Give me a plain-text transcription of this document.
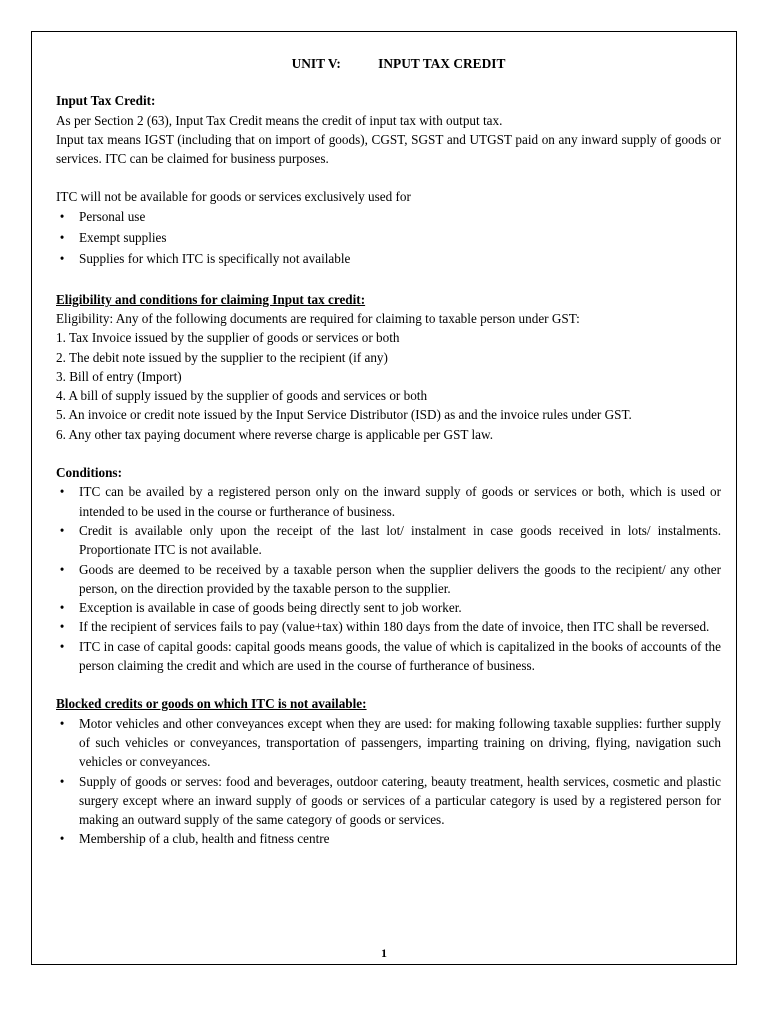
UNIT V:	INPUT TAX CREDIT
Input Tax Credit:

As per Section 2 (63), Input Tax Credit means the credit of input tax with output tax.

Input tax means IGST (including that on import of goods), CGST, SGST and UTGST paid on any inward supply of goods or services. ITC can be claimed for business purposes.

ITC will not be available for goods or services exclusively used for

• Personal use
• Exempt supplies
• Supplies for which ITC is specifically not available
Eligibility and conditions for claiming Input tax credit:

Eligibility: Any of the following documents are required for claiming to taxable person under GST:

1. Tax Invoice issued by the supplier of goods or services or both
2. The debit note issued by the supplier to the recipient (if any)
3. Bill of entry (Import)
4. A bill of supply issued by the supplier of goods and services or both
5. An invoice or credit note issued by the Input Service Distributor (ISD) as and the invoice rules under GST.
6. Any other tax paying document where reverse charge is applicable per GST law.
Conditions:
• ITC can be availed by a registered person only on the inward supply of goods or services or both, which is used or intended to be used in the course or furtherance of business.
• Credit is available only upon the receipt of the last lot/ instalment in case goods received in lots/ instalments. Proportionate ITC is not available.
• Goods are deemed to be received by a taxable person when the supplier delivers the goods to the recipient/ any other person, on the direction provided by the taxable person to the supplier.
• Exception is available in case of goods being directly sent to job worker.
• If the recipient of services fails to pay (value+tax) within 180 days from the date of invoice, then ITC shall be reversed.
• ITC in case of capital goods: capital goods means goods, the value of which is capitalized in the books of accounts of the person claiming the credit and which are used in the course of furtherance of business.
Blocked credits or goods on which ITC is not available:
• Motor vehicles and other conveyances except when they are used: for making following taxable supplies: further supply of such vehicles or conveyances, transportation of passengers, imparting training on driving, flying, navigation such vehicles or conveyances.
• Supply of goods or serves: food and beverages, outdoor catering, beauty treatment, health services, cosmetic and plastic surgery except where an inward supply of goods or services of a particular category is used by a registered person for making an outward supply of the same category of goods or services.
• Membership of a club, health and fitness centre
1
